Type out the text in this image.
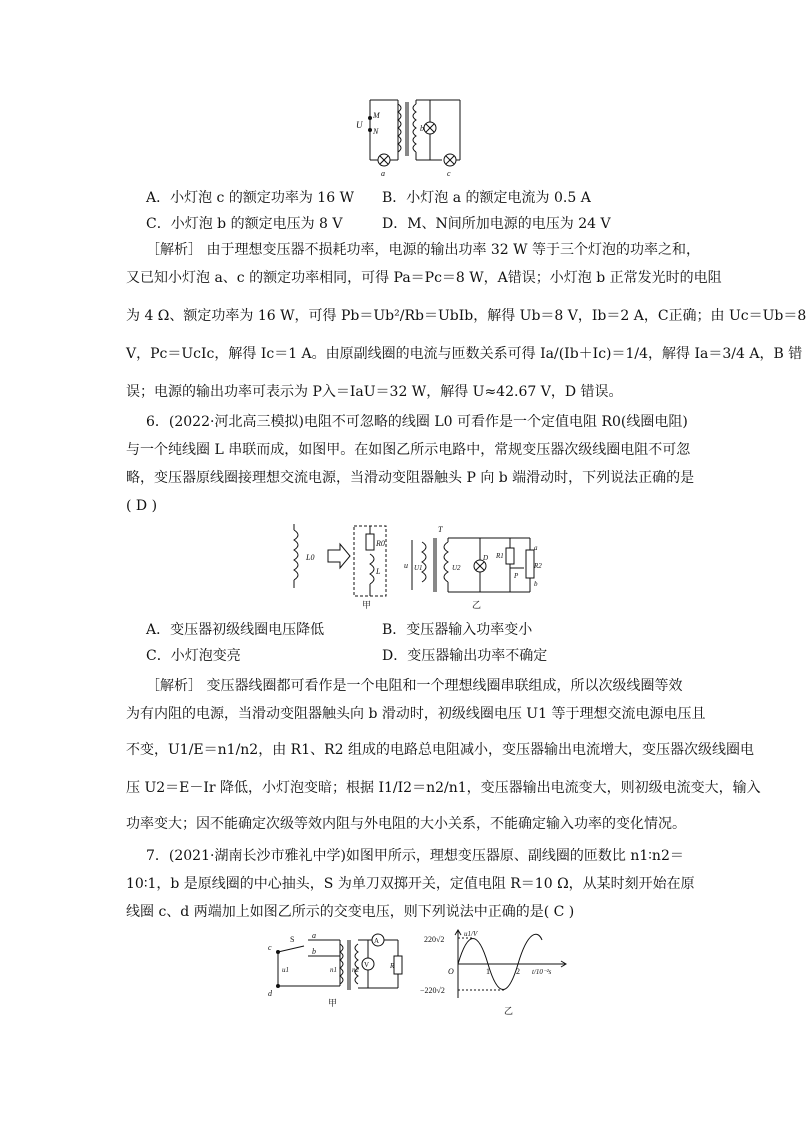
U
M
N
a
b
c
A．小灯泡 c 的额定功率为 16 W B．小灯泡 a 的额定电流为 0.5 A
C．小灯泡 b 的额定电压为 8 V	D．M、N间所加电源的电压为 24 V
［解析］ 由于理想变压器不损耗功率，电源的输出功率 32 W 等于三个灯泡的功率之和，
又已知小灯泡 a、c 的额定功率相同，可得 Pa＝Pc＝8 W，A错误；小灯泡 b 正常发光时的电阻
为 4 Ω、额定功率为 16 W，可得 Pb＝Ub²/Rb＝UbIb，解得 Ub＝8 V，Ib＝2 A，C正确；由 Uc＝Ub＝8
V，Pc＝UcIc，解得 Ic＝1 A。由原副线圈的电流与匝数关系可得 Ia/(Ib＋Ic)＝1/4，解得 Ia＝3/4 A，B 错
误；电源的输出功率可表示为 P入＝IaU＝32 W，解得 U≈42.67 V，D 错误。
6．(2022·河北高三模拟)电阻不可忽略的线圈 L0 可看作是一个定值电阻 R0(线圈电阻)
与一个纯线圈 L 串联而成，如图甲。在如图乙所示电路中，常规变压器次级线圈电阻不可忽
略，变压器原线圈接理想交流电源，当滑动变阻器触头 P 向 b 端滑动时，下列说法正确的是
( D )
L0
R0
L
甲	乙
T
u U1	U2
D R1
R2
P
a
b
A．变压器初级线圈电压降低	B．变压器输入功率变小
C．小灯泡变亮	D．变压器输出功率不确定
［解析］ 变压器线圈都可看作是一个电阻和一个理想线圈串联组成，所以次级线圈等效
为有内阻的电源，当滑动变阻器触头向 b 滑动时，初级线圈电压 U1 等于理想交流电源电压且
不变，U1/E＝n1/n2，由 R1、R2 组成的电路总电阻减小，变压器输出电流增大，变压器次级线圈电
压 U2＝E－Ir 降低，小灯泡变暗；根据 I1/I2＝n2/n1，变压器输出电流变大，则初级电流变大，输入
功率变大；因不能确定次级等效内阻与外电阻的大小关系，不能确定输入功率的变化情况。
7．(2021·湖南长沙市雅礼中学)如图甲所示，理想变压器原、副线圈的匝数比 n1∶n2＝
10∶1，b 是原线圈的中心抽头，S 为单刀双掷开关，定值电阻 R＝10 Ω，从某时刻开始在原
线圈 c、d 两端加上如图乙所示的交变电压，则下列说法中正确的是( C )
c
d
S a
b
u1	n1 n2
A
V	R
甲
u1/V
220√2
−220√2
O	1	2 t/10⁻²s
乙
